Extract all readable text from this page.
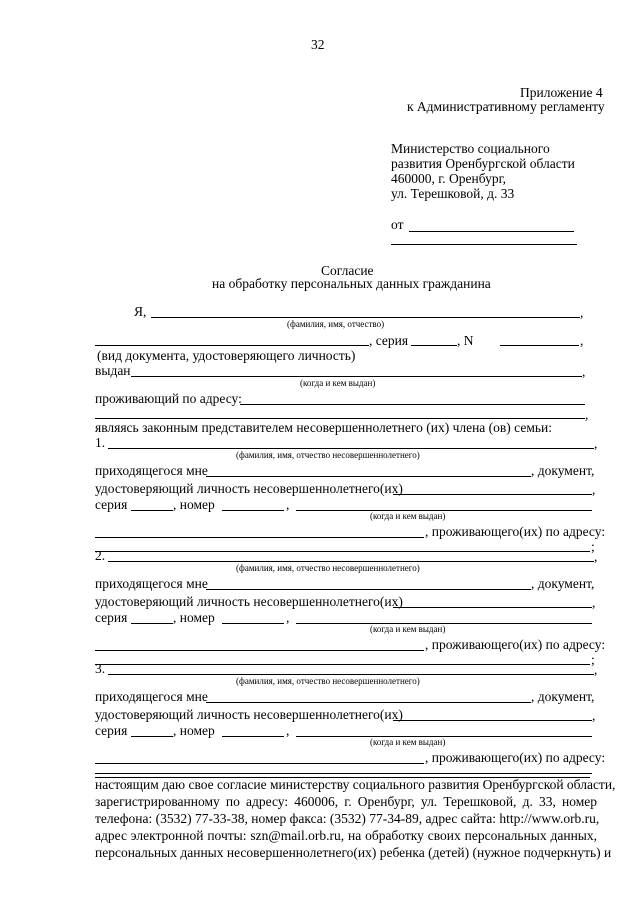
32
Приложение 4
к Административному регламенту
Министерство социального
развития Оренбургской области
460000, г. Оренбург,
ул. Терешковой, д. 33
от
Согласие
на обработку персональных данных гражданина
Я,	,
(фамилия, имя, отчество)
, серия	, N	,
(вид документа, удостоверяющего личность)
выдан	,
(когда и кем выдан)
проживающий по адресу:
,
являясь законным представителем несовершеннолетнего (их) члена (ов) семьи:
1.	,
(фамилия, имя, отчество несовершеннолетнего)
приходящегося мне	, документ,
удостоверяющий личность несовершеннолетнего(их)	,
серия	, номер	,
(когда и кем выдан)
, проживающего(их) по адресу:
;
2.	,
(фамилия, имя, отчество несовершеннолетнего)
приходящегося мне	, документ,
удостоверяющий личность несовершеннолетнего(их)	,
серия	, номер	,
(когда и кем выдан)
, проживающего(их) по адресу:
;
3.	,
(фамилия, имя, отчество несовершеннолетнего)
приходящегося мне	, документ,
удостоверяющий личность несовершеннолетнего(их)	,
серия	, номер	,
(когда и кем выдан)
, проживающего(их) по адресу:
настоящим даю свое согласие министерству социального развития Оренбургской области,
зарегистрированному по адресу: 460006, г. Оренбург, ул. Терешковой, д. 33, номер
телефона: (3532) 77-33-38, номер факса: (3532) 77-34-89, адрес сайта: http://www.orb.ru,
адрес электронной почты: szn@mail.orb.ru, на обработку своих персональных данных,
персональных данных несовершеннолетнего(их) ребенка (детей) (нужное подчеркнуть) и
